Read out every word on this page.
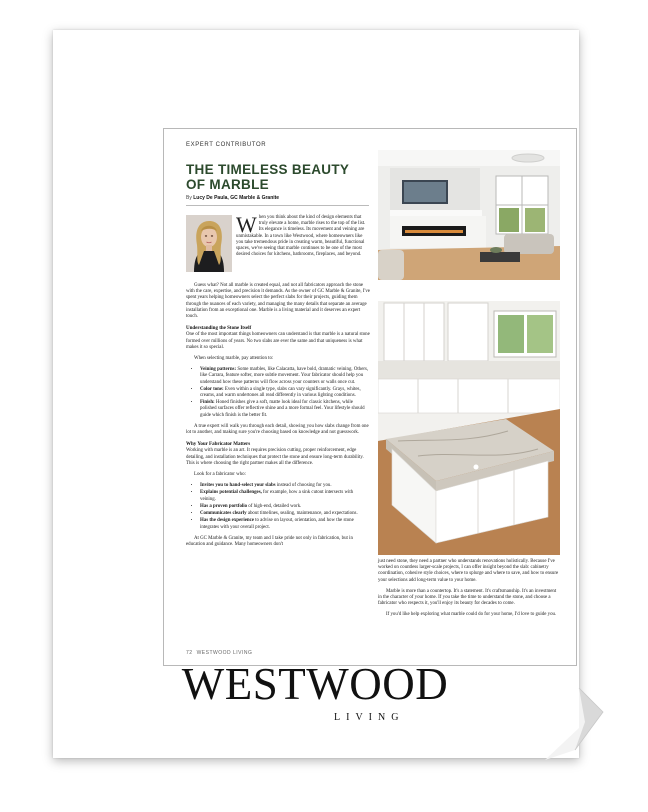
EXPERT CONTRIBUTOR
THE TIMELESS BEAUTY
OF MARBLE
By Lucy De Paula, GC Marble & Granite
When you think about the kind of design elements that truly elevate a home, marble rises to the top of the list. Its elegance is timeless. Its movement and veining are unmistakable. In a town like Westwood, where homeowners like you take tremendous pride in creating warm, beautiful, functional spaces, we've seeing that marble continues to be one of the most desired choices for kitchens, bathrooms, fireplaces, and beyond.

Guess what? Not all marble is created equal, and not all fabricators approach the stone with the care, expertise, and precision it demands. As the owner of GC Marble & Granite, I've spent years helping homeowners select the perfect slabs for their projects, guiding them through the nuances of each variety, and managing the many details that separate an average installation from an exceptional one. Marble is a living material and it deserves an expert touch.

Understanding the Stone Itself

One of the most important things homeowners can understand is that marble is a natural stone formed over millions of years. No two slabs are ever the same and that uniqueness is what makes it so special.

When selecting marble, pay attention to:

• Veining patterns: Some marbles, like Calacatta, have bold, dramatic veining. Others, like Carrara, feature softer, more subtle movement. Your fabricator should help you understand how these patterns will flow across your counters or walls once cut.
• Color tone: Even within a single type, slabs can vary significantly. Grays, whites, creams, and warm undertones all read differently in various lighting conditions.
• Finish: Honed finishes give a soft, matte look ideal for classic kitchens, while polished surfaces offer reflective shine and a more formal feel. Your lifestyle should guide which finish is the better fit.

A true expert will walk you through each detail, showing you how slabs change from one lot to another, and making sure you're choosing based on knowledge and not guesswork.

Why Your Fabricator Matters

Working with marble is an art. It requires precision cutting, proper reinforcement, edge detailing, and installation techniques that protect the stone and ensure long-term durability. This is where choosing the right partner makes all the difference.

Look for a fabricator who:

• Invites you to hand-select your slabs instead of choosing for you.
• Explains potential challenges, for example, how a sink cutout intersects with veining.
• Has a proven portfolio of high-end, detailed work.
• Communicates clearly about timelines, sealing, maintenance, and expectations.
• Has the design experience to advise on layout, orientation, and how the stone integrates with your overall project.

At GC Marble & Granite, my team and I take pride not only in fabrication, but in education and guidance. Many homeowners don't

just need stone, they need a partner who understands renovations holistically. Because I've worked on countless larger-scale projects, I can offer insight beyond the slab: cabinetry coordination, cohesive style choices, where to splurge and where to save, and how to ensure your selections add long-term value to your home.

Marble is more than a countertop. It's a statement. It's craftsmanship. It's an investment in the character of your home. If you take the time to understand the stone, and choose a fabricator who respects it, you'll enjoy its beauty for decades to come.

If you'd like help exploring what marble could do for your home, I'd love to guide you.

72 WESTWOOD LIVING
WESTWOOD
LIVING
